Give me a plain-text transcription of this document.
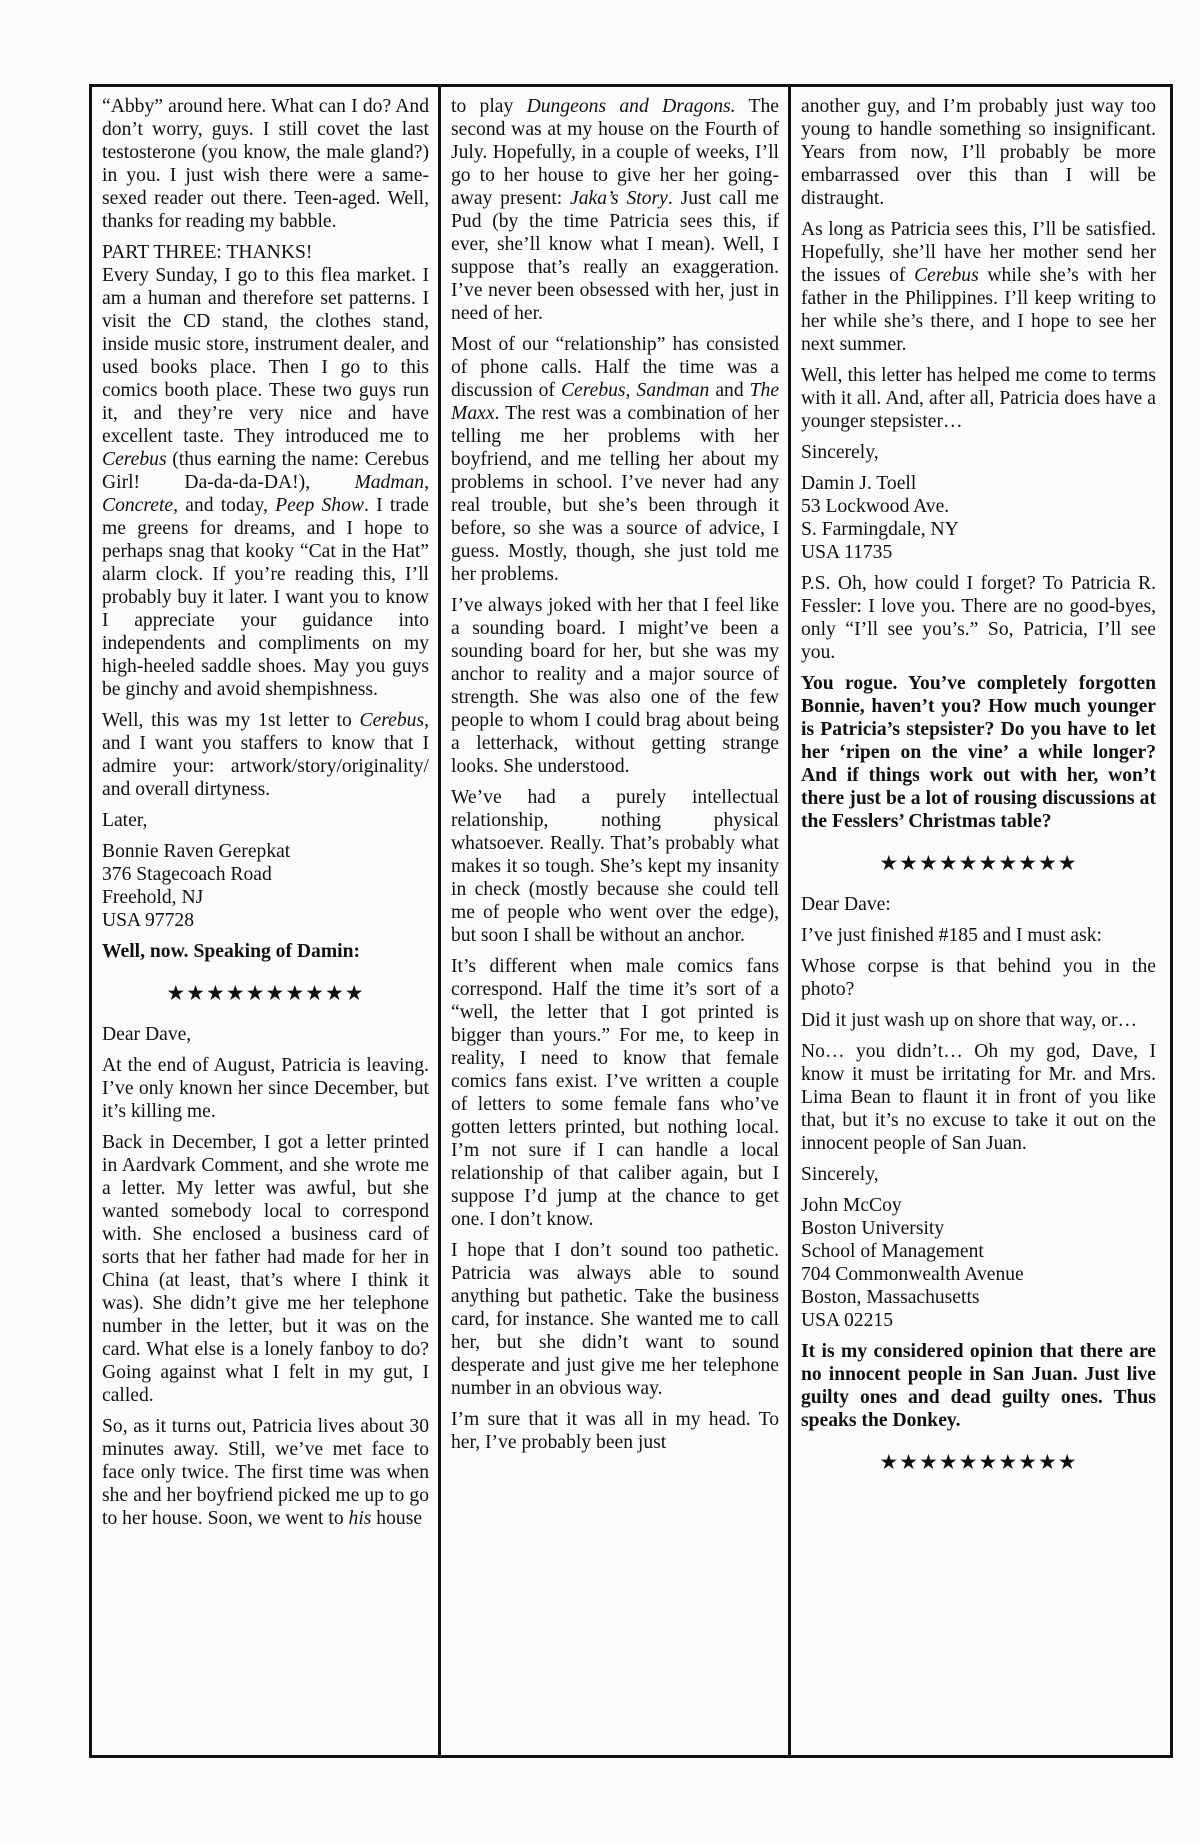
“Abby” around here. What can I do? And don’t worry, guys. I still covet the last testosterone (you know, the male gland?) in you. I just wish there were a same-sexed reader out there. Teen-aged. Well, thanks for reading my babble.
PART THREE: THANKS!
Every Sunday, I go to this flea market. I am a human and therefore set patterns. I visit the CD stand, the clothes stand, inside music store, instrument dealer, and used books place. Then I go to this comics booth place. These two guys run it, and they’re very nice and have excellent taste. They introduced me to Cerebus (thus earning the name: Cerebus Girl! Da-da-da-DA!), Madman, Concrete, and today, Peep Show. I trade me greens for dreams, and I hope to perhaps snag that kooky “Cat in the Hat” alarm clock. If you’re reading this, I’ll probably buy it later. I want you to know I appreciate your guidance into independents and compliments on my high-heeled saddle shoes. May you guys be ginchy and avoid shempishness.
Well, this was my 1st letter to Cerebus, and I want you staffers to know that I admire your: artwork/story/originality/ and overall dirtyness.
Later,
Bonnie Raven Gerepkat
376 Stagecoach Road
Freehold, NJ
USA 97728
Well, now. Speaking of Damin:
★★★★★★★★★★
Dear Dave,
At the end of August, Patricia is leaving. I’ve only known her since December, but it’s killing me.
Back in December, I got a letter printed in Aardvark Comment, and she wrote me a letter. My letter was awful, but she wanted somebody local to correspond with. She enclosed a business card of sorts that her father had made for her in China (at least, that’s where I think it was). She didn’t give me her telephone number in the letter, but it was on the card. What else is a lonely fanboy to do? Going against what I felt in my gut, I called.
So, as it turns out, Patricia lives about 30 minutes away. Still, we’ve met face to face only twice. The first time was when she and her boyfriend picked me up to go to her house. Soon, we went to his house
to play Dungeons and Dragons. The second was at my house on the Fourth of July. Hopefully, in a couple of weeks, I’ll go to her house to give her her going-away present: Jaka’s Story. Just call me Pud (by the time Patricia sees this, if ever, she’ll know what I mean). Well, I suppose that’s really an exaggeration. I’ve never been obsessed with her, just in need of her.
Most of our “relationship” has consisted of phone calls. Half the time was a discussion of Cerebus, Sandman and The Maxx. The rest was a combination of her telling me her problems with her boyfriend, and me telling her about my problems in school. I’ve never had any real trouble, but she’s been through it before, so she was a source of advice, I guess. Mostly, though, she just told me her problems.
I’ve always joked with her that I feel like a sounding board. I might’ve been a sounding board for her, but she was my anchor to reality and a major source of strength. She was also one of the few people to whom I could brag about being a letterhack, without getting strange looks. She understood.
We’ve had a purely intellectual relationship, nothing physical whatsoever. Really. That’s probably what makes it so tough. She’s kept my insanity in check (mostly because she could tell me of people who went over the edge), but soon I shall be without an anchor.
It’s different when male comics fans correspond. Half the time it’s sort of a “well, the letter that I got printed is bigger than yours.” For me, to keep in reality, I need to know that female comics fans exist. I’ve written a couple of letters to some female fans who’ve gotten letters printed, but nothing local. I’m not sure if I can handle a local relationship of that caliber again, but I suppose I’d jump at the chance to get one. I don’t know.
I hope that I don’t sound too pathetic. Patricia was always able to sound anything but pathetic. Take the business card, for instance. She wanted me to call her, but she didn’t want to sound desperate and just give me her telephone number in an obvious way.
I’m sure that it was all in my head. To her, I’ve probably been just
another guy, and I’m probably just way too young to handle something so insignificant. Years from now, I’ll probably be more embarrassed over this than I will be distraught.
As long as Patricia sees this, I’ll be satisfied. Hopefully, she’ll have her mother send her the issues of Cerebus while she’s with her father in the Philippines. I’ll keep writing to her while she’s there, and I hope to see her next summer.
Well, this letter has helped me come to terms with it all. And, after all, Patricia does have a younger stepsister…
Sincerely,
Damin J. Toell
53 Lockwood Ave.
S. Farmingdale, NY
USA 11735
P.S. Oh, how could I forget? To Patricia R. Fessler: I love you. There are no good-byes, only “I’ll see you’s.” So, Patricia, I’ll see you.
You rogue. You’ve completely forgotten Bonnie, haven’t you? How much younger is Patricia’s stepsister? Do you have to let her ‘ripen on the vine’ a while longer? And if things work out with her, won’t there just be a lot of rousing discussions at the Fesslers’ Christmas table?
★★★★★★★★★★
Dear Dave:
I’ve just finished #185 and I must ask:
Whose corpse is that behind you in the photo?
Did it just wash up on shore that way, or…
No… you didn’t… Oh my god, Dave, I know it must be irritating for Mr. and Mrs. Lima Bean to flaunt it in front of you like that, but it’s no excuse to take it out on the innocent people of San Juan.
Sincerely,
John McCoy
Boston University
School of Management
704 Commonwealth Avenue
Boston, Massachusetts
USA 02215
It is my considered opinion that there are no innocent people in San Juan. Just live guilty ones and dead guilty ones. Thus speaks the Donkey.
★★★★★★★★★★
